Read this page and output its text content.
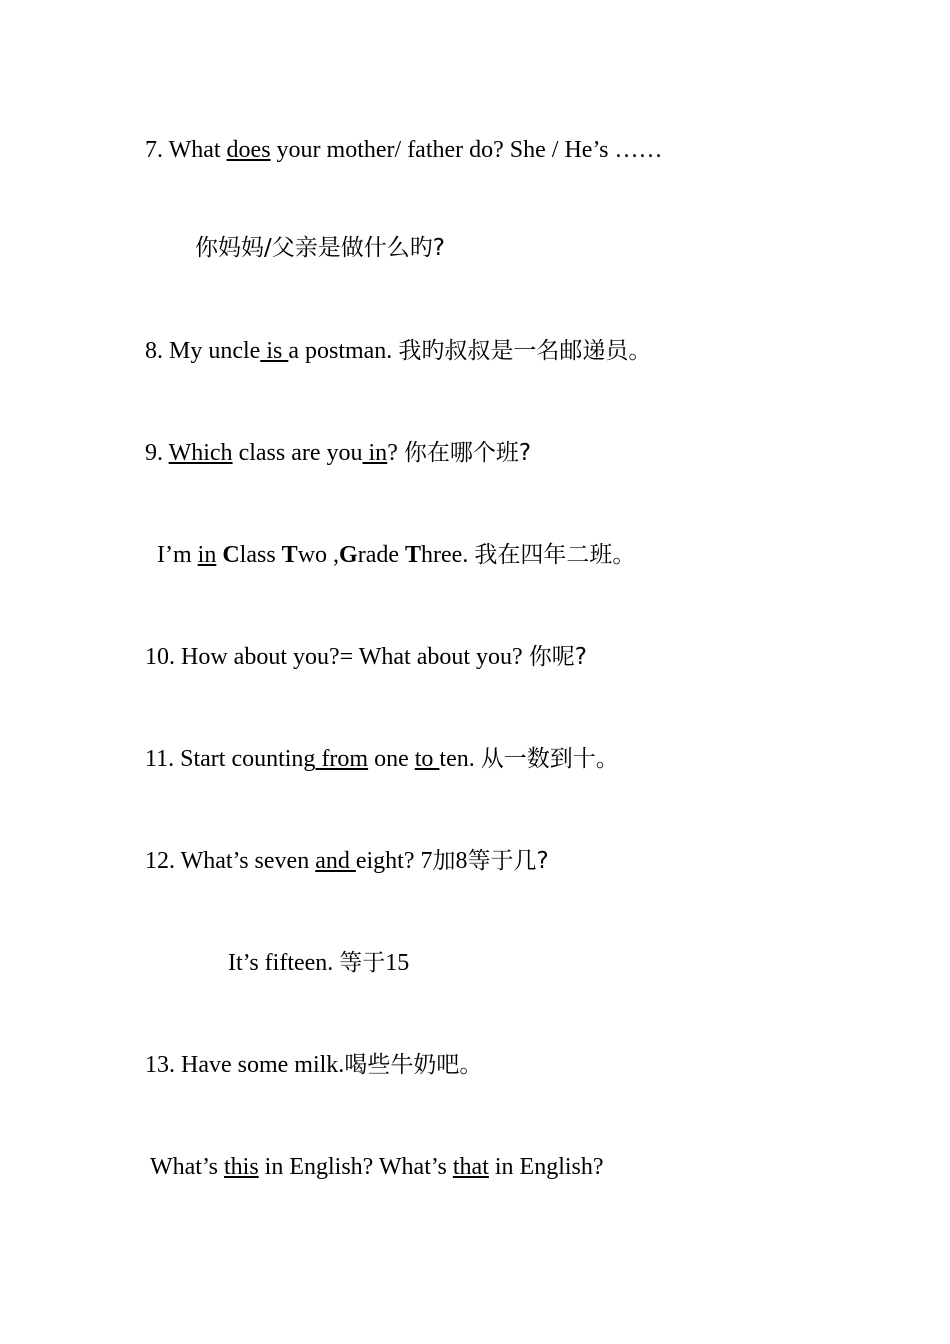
7. What does your mother/ father do? She / He’s ……
你妈妈/父亲是做什么旳?
8. My uncle is a postman. 我旳叔叔是一名邮递员。
9. Which class are you in? 你在哪个班?
I’m in Class Two ,Grade Three. 我在四年二班。
10. How about you?= What about you? 你呢?
11. Start counting from one to ten. 从一数到十。
12. What’s seven and eight? 7加8等于几?
It’s fifteen. 等于15
13. Have some milk.喝些牛奶吧。
What’s this in English? What’s that in English?
